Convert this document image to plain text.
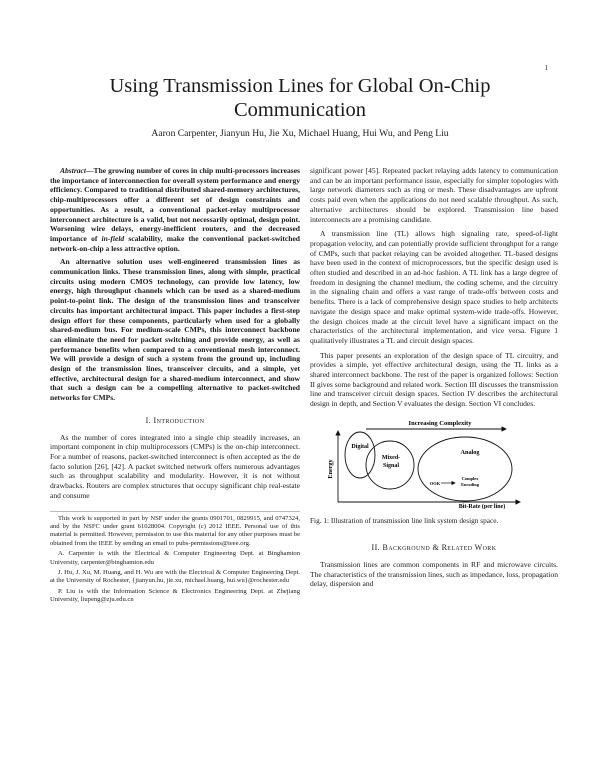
1
Using Transmission Lines for Global On-Chip Communication
Aaron Carpenter, Jianyun Hu, Jie Xu, Michael Huang, Hui Wu, and Peng Liu
Abstract—The growing number of cores in chip multi-processors increases the importance of interconnection for overall system performance and energy efficiency. Compared to traditional distributed shared-memory architectures, chip-multiprocessors offer a different set of design constraints and opportunities. As a result, a conventional packet-relay multiprocessor interconnect architecture is a valid, but not necessarily optimal, design point. Worsening wire delays, energy-inefficient routers, and the decreased importance of in-field scalability, make the conventional packet-switched network-on-chip a less attractive option.
An alternative solution uses well-engineered transmission lines as communication links. These transmission lines, along with simple, practical circuits using modern CMOS technology, can provide low latency, low energy, high throughput channels which can be used as a shared-medium point-to-point link. The design of the transmission lines and transceiver circuits has important architectural impact. This paper includes a first-step design effort for these components, particularly when used for a globally shared-medium bus. For medium-scale CMPs, this interconnect backbone can eliminate the need for packet switching and provide energy, as well as performance benefits when compared to a conventional mesh interconnect. We will provide a design of such a system from the ground up, including design of the transmission lines, transceiver circuits, and a simple, yet effective, architectural design for a shared-medium interconnect, and show that such a design can be a compelling alternative to packet-switched networks for CMPs.
I. Introduction

As the number of cores integrated into a single chip steadily increases, an important component in chip multiprocessors (CMPs) is the on-chip interconnect. For a number of reasons, packet-switched interconnect is often accepted as the de facto solution [26], [42]. A packet switched network offers numerous advantages such as throughput scalability and modularity. However, it is not without drawbacks. Routers are complex structures that occupy significant chip real-estate and consume

This work is supported in part by NSF under the grants 0901701, 0829915, and 0747324, and by the NSFC under grant 61028004. Copyright (c) 2012 IEEE. Personal use of this material is permitted. However, permission to use this material for any other purposes must be obtained from the IEEE by sending an email to pubs-permissions@ieee.org.

A. Carpenter is with the Electrical & Computer Engineering Dept. at Binghamton University, carpenter@binghamton.edu

J. Hu, J. Xu, M. Huang, and H. Wu are with the Electrical & Computer Engineering Dept. at the University of Rochester, {jianyun.hu, jie.xu, michael.huang, hui.wu}@rochester.edu

P. Liu is with the Information Science & Electronics Engineering Dept. at Zhejiang University, liupeng@zju.edu.cn

significant power [45]. Repeated packet relaying adds latency to communication and can be an important performance issue, especially for simpler topologies with large network diameters such as ring or mesh. These disadvantages are upfront costs paid even when the applications do not need scalable throughput. As such, alternative architectures should be explored. Transmission line based interconnects are a promising candidate.

A transmission line (TL) allows high signaling rate, speed-of-light propagation velocity, and can potentially provide sufficient throughput for a range of CMPs, such that packet relaying can be avoided altogether. TL-based designs have been used in the context of microprocessors, but the specific design used is often studied and described in an ad-hoc fashion. A TL link has a large degree of freedom in designing the channel medium, the coding scheme, and the circuitry in the signaling chain and offers a vast range of trade-offs between costs and benefits. There is a lack of comprehensive design space studies to help architects navigate the design space and make optimal system-wide trade-offs. However, the design choices made at the circuit level have a significant impact on the characteristics of the architectural implementation, and vice versa. Figure 1 qualitatively illustrates a TL and circuit design spaces.

This paper presents an exploration of the design space of TL circuitry, and provides a simple, yet effective architectural design, using the TL links as a shared interconnect backbone. The rest of the paper is organized follows: Section II gives some background and related work. Section III discusses the transmission line and transceiver circuit design spaces. Section IV describes the architectural design in depth, and Section V evaluates the design. Section VI concludes.

Increasing Complexity
Energy
Bit-Rate (per line)
Digital
Mixed-
Signal
Analog
OOK
Complex
Encoding

Fig. 1: Illustration of transmission line link system design space.

II. Background & Related Work

Transmission lines are common components in RF and microwave circuits. The characteristics of the transmission lines, such as impedance, loss, propagation delay, dispersion and
